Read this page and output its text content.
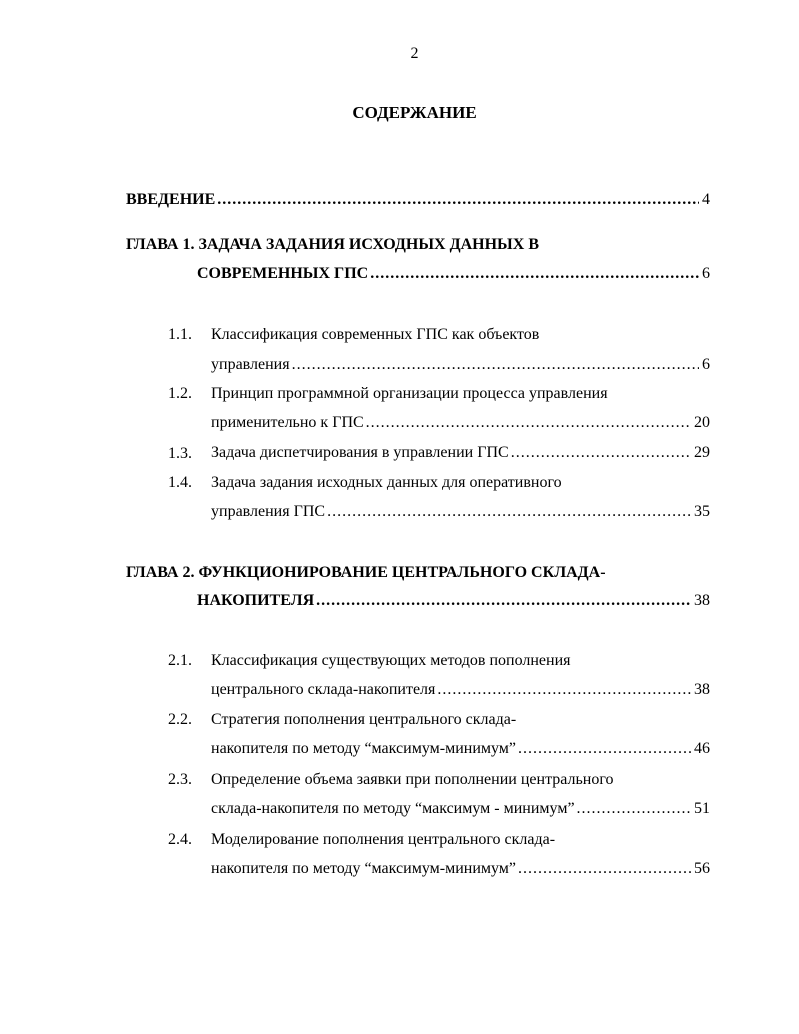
2
СОДЕРЖАНИЕ
ВВЕДЕНИЕ .....	4
ГЛАВА 1. ЗАДАЧА ЗАДАНИЯ ИСХОДНЫХ ДАННЫХ В
СОВРЕМЕННЫХ ГПС .....	6
1.1. Классификация современных ГПС как объектов
управления .....	6
1.2. Принцип программной организации процесса управления
применительно к ГПС .....	20
1.3. Задача диспетчирования в управлении ГПС .....	29
1.4. Задача задания исходных данных для оперативного
управления ГПС .....	35
ГЛАВА 2. ФУНКЦИОНИРОВАНИЕ ЦЕНТРАЛЬНОГО СКЛАДА-
НАКОПИТЕЛЯ .....	38
2.1. Классификация существующих методов пополнения
центрального склада-накопителя .....	38
2.2. Стратегия пополнения центрального склада-
накопителя по методу “максимум-минимум” .....	46
2.3. Определение объема заявки при пополнении центрального
склада-накопителя по методу “максимум - минимум” .....	51
2.4. Моделирование пополнения центрального склада-
накопителя по методу “максимум-минимум” .....	56
